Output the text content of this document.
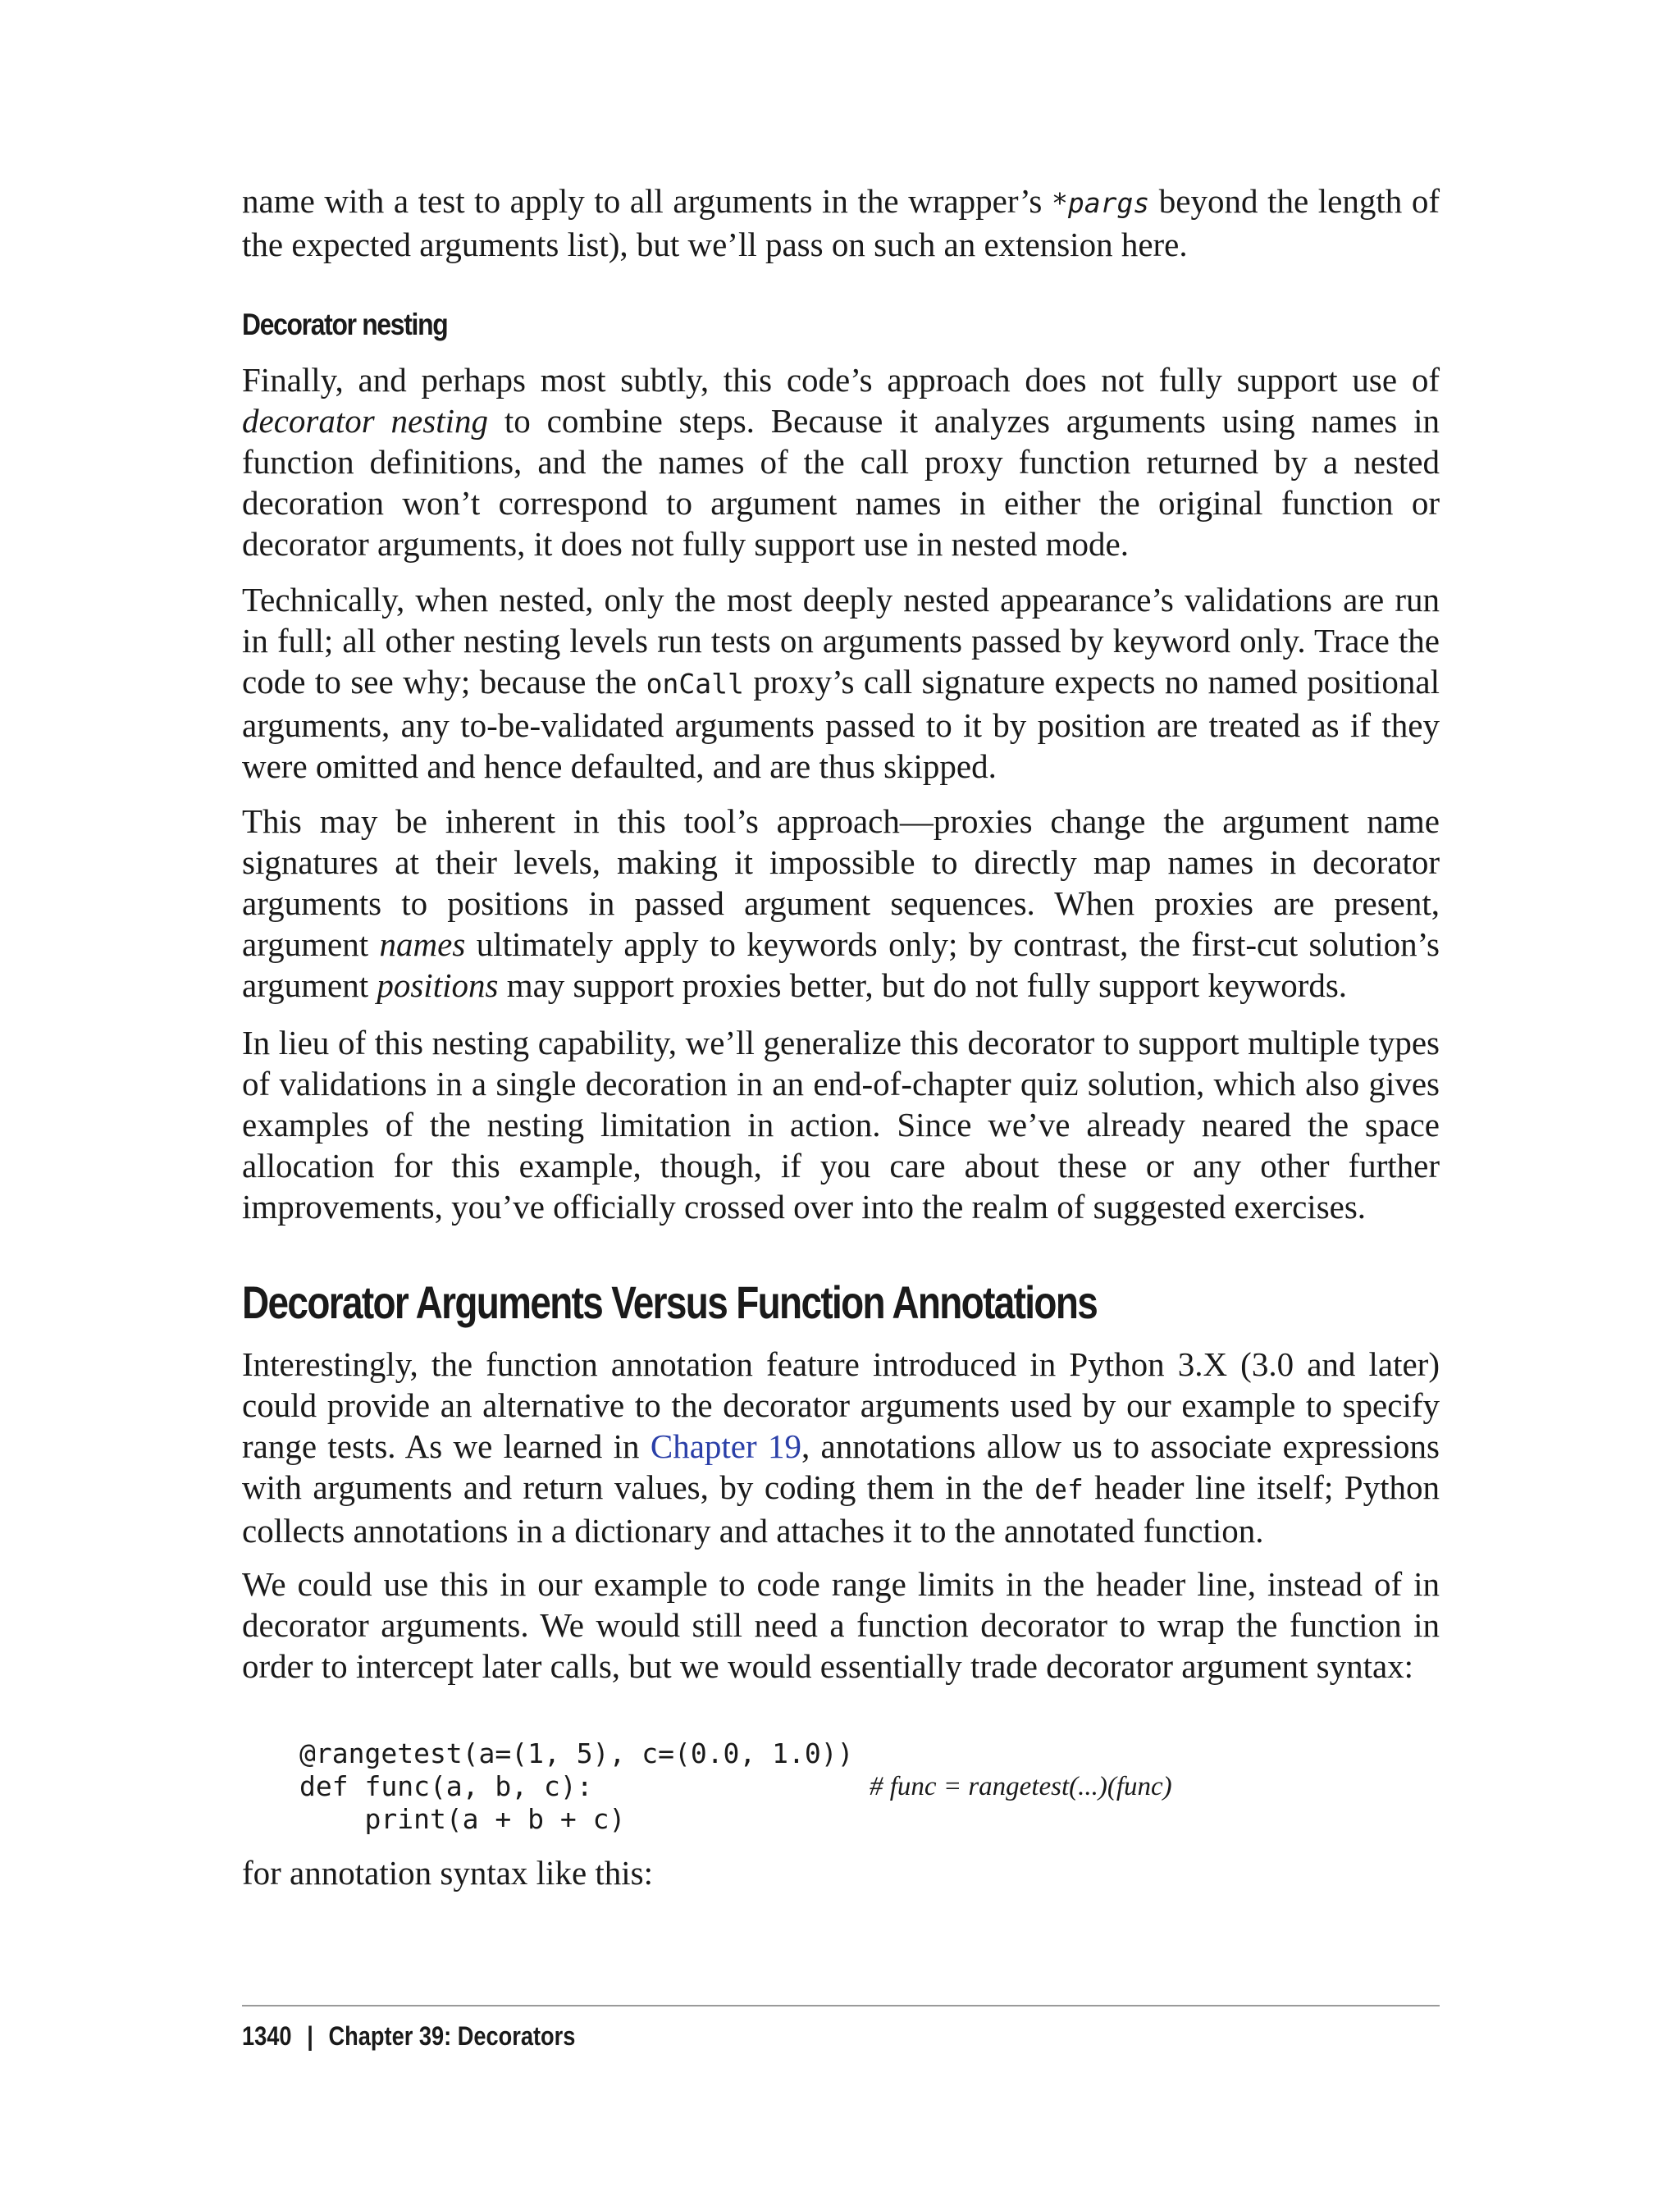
name with a test to apply to all arguments in the wrapper’s *pargs beyond the length of the expected arguments list), but we’ll pass on such an extension here.

Decorator nesting

Finally, and perhaps most subtly, this code’s approach does not fully support use of decorator nesting to combine steps. Because it analyzes arguments using names in function definitions, and the names of the call proxy function returned by a nested decoration won’t correspond to argument names in either the original function or decorator arguments, it does not fully support use in nested mode.

Technically, when nested, only the most deeply nested appearance’s validations are run in full; all other nesting levels run tests on arguments passed by keyword only. Trace the code to see why; because the onCall proxy’s call signature expects no named positional arguments, any to-be-validated arguments passed to it by position are treated as if they were omitted and hence defaulted, and are thus skipped.

This may be inherent in this tool’s approach—proxies change the argument name signatures at their levels, making it impossible to directly map names in decorator arguments to positions in passed argument sequences. When proxies are present, argument names ultimately apply to keywords only; by contrast, the first-cut solution’s argument positions may support proxies better, but do not fully support keywords.

In lieu of this nesting capability, we’ll generalize this decorator to support multiple types of validations in a single decoration in an end-of-chapter quiz solution, which also gives examples of the nesting limitation in action. Since we’ve already neared the space allocation for this example, though, if you care about these or any other further improvements, you’ve officially crossed over into the realm of suggested exercises.

Decorator Arguments Versus Function Annotations

Interestingly, the function annotation feature introduced in Python 3.X (3.0 and later) could provide an alternative to the decorator arguments used by our example to specify range tests. As we learned in Chapter 19, annotations allow us to associate expressions with arguments and return values, by coding them in the def header line itself; Python collects annotations in a dictionary and attaches it to the annotated function.

We could use this in our example to code range limits in the header line, instead of in decorator arguments. We would still need a function decorator to wrap the function in order to intercept later calls, but we would essentially trade decorator argument syntax:

@rangetest(a=(1, 5), c=(0.0, 1.0))
def func(a, b, c):
print(a + b + c)
# func = rangetest(...)(func)

for annotation syntax like this:

1340 | Chapter 39: Decorators
